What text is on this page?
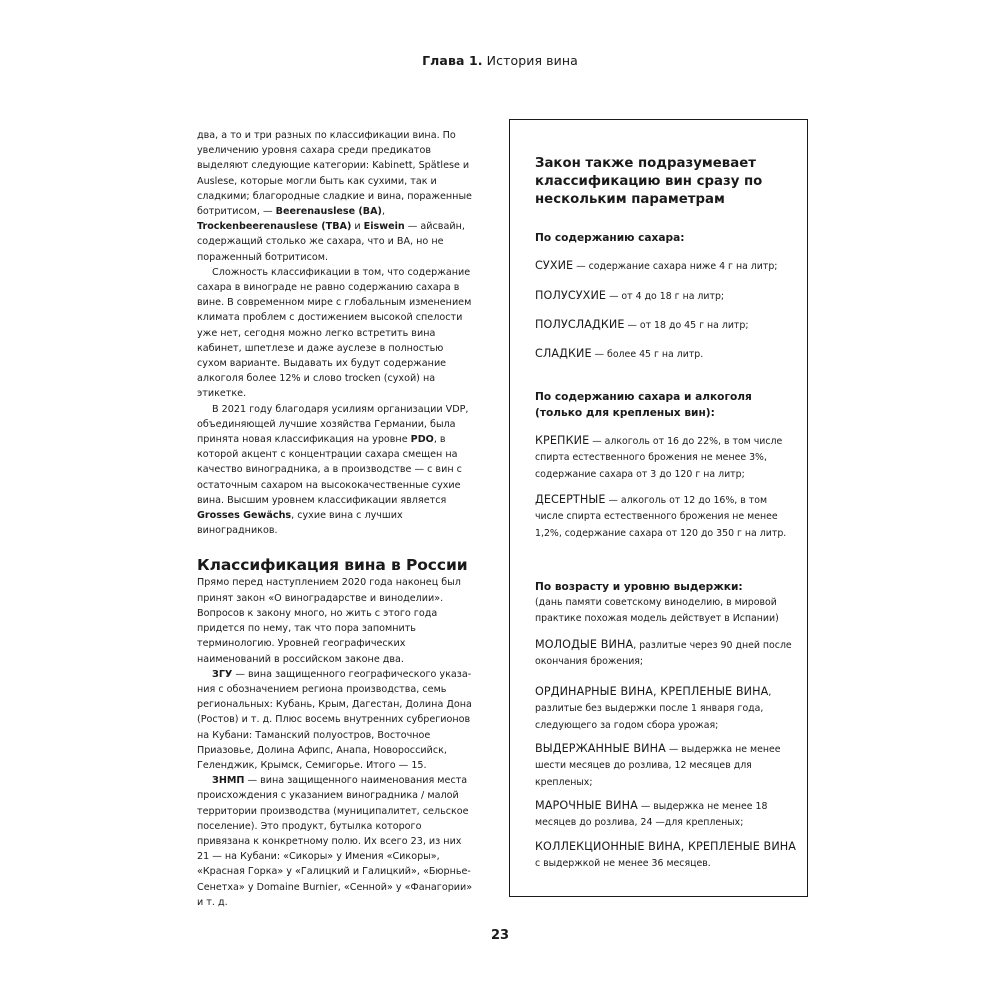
Глава 1. История вина

два, а то и три разных по классификации вина. По увеличению уровня сахара среди предикатов выделяют следующие категории: Kabinett, Spätlese и Auslese, которые могли быть как сухими, так и сладкими; благородные сладкие и вина, пораженные ботритисом, — Beerenauslese (BA), Trockenbeerenauslese (TBA) и Eiswein — айсвайн, содержащий столько же сахара, что и BA, но не пораженный ботритисом.

Сложность классификации в том, что содержание сахара в винограде не равно содержанию сахара в вине. В современном мире с глобальным изменением климата проблем с достижением высокой спелости уже нет, сегодня можно легко встретить вина кабинет, шпетлезе и даже ауслезе в полностью сухом варианте. Выдавать их будут содержание алкоголя более 12% и слово trocken (сухой) на этикетке.

В 2021 году благодаря усилиям организации VDP, объединяющей лучшие хозяйства Германии, была принята новая классификация на уровне PDO, в которой акцент с концентрации сахара смещен на качество виноградника, а в производстве — с вин с остаточным сахаром на высококачественные сухие вина. Высшим уровнем классификации является Grosses Gewächs, сухие вина с лучших виноградников.

Классификация вина в России

Прямо перед наступлением 2020 года наконец был принят закон «О виноградарстве и виноделии». Вопросов к закону много, но жить с этого года придется по нему, так что пора запомнить терминологию. Уровней географических наименований в российском законе два.

ЗГУ — вина защищенного географического указания с обозначением региона производства, семь региональных: Кубань, Крым, Дагестан, Долина Дона (Ростов) и т. д. Плюс восемь внутренних субрегионов на Кубани: Таманский полуостров, Восточное Приазовье, Долина Афипс, Анапа, Новороссийск, Геленджик, Крымск, Семигорье. Итого — 15.

ЗНМП — вина защищенного наименования места происхождения с указанием виноградника / малой территории производства (муниципалитет, сельское поселение). Это продукт, бутылка которого привязана к конкретному полю. Их всего 23, из них 21 — на Кубани: «Сикоры» у Имения «Сикоры», «Красная Горка» у «Галицкий и Галицкий», «Бюрнье-Сенетха» у Domaine Burnier, «Сенной» у «Фанагории» и т. д.

Закон также подразумевает классификацию вин сразу по нескольким параметрам
По содержанию сахара:
СУХИЕ — содержание сахара ниже 4 г на литр;
ПОЛУСУХИЕ — от 4 до 18 г на литр;
ПОЛУСЛАДКИЕ — от 18 до 45 г на литр;
СЛАДКИЕ — более 45 г на литр.
По содержанию сахара и алкоголя (только для крепленых вин):
КРЕПКИЕ — алкоголь от 16 до 22%, в том числе спирта естественного брожения не менее 3%, содержание сахара от 3 до 120 г на литр;
ДЕСЕРТНЫЕ — алкоголь от 12 до 16%, в том числе спирта естественного брожения не менее 1,2%, содержание сахара от 120 до 350 г на литр.
По возрасту и уровню выдержки:
(дань памяти советскому виноделию, в мировой практике похожая модель действует в Испании)
МОЛОДЫЕ ВИНА, разлитые через 90 дней после окончания брожения;
ОРДИНАРНЫЕ ВИНА, КРЕПЛЕНЫЕ ВИНА, разлитые без выдержки после 1 января года, следующего за годом сбора урожая;
ВЫДЕРЖАННЫЕ ВИНА — выдержка не менее шести месяцев до розлива, 12 месяцев для крепленых;
МАРОЧНЫЕ ВИНА — выдержка не менее 18 месяцев до розлива, 24 —для крепленых;
КОЛЛЕКЦИОННЫЕ ВИНА, КРЕПЛЕНЫЕ ВИНА с выдержкой не менее 36 месяцев.
23
